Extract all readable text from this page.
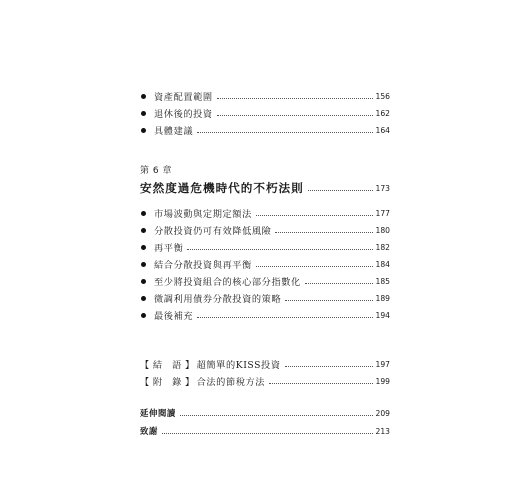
資產配置範圍	156
退休後的投資	162
具體建議	164
第 6 章
安然度過危機時代的不朽法則	173
市場波動與定期定額法	177
分散投資仍可有效降低風險	180
再平衡	182
結合分散投資與再平衡	184
至少將投資組合的核心部分指數化	185
微調利用債券分散投資的策略	189
最後補充	194
【 結　語 】 超簡單的KISS投資	197
【 附　錄 】 合法的節稅方法	199
延伸閱讀	209
致謝	213
